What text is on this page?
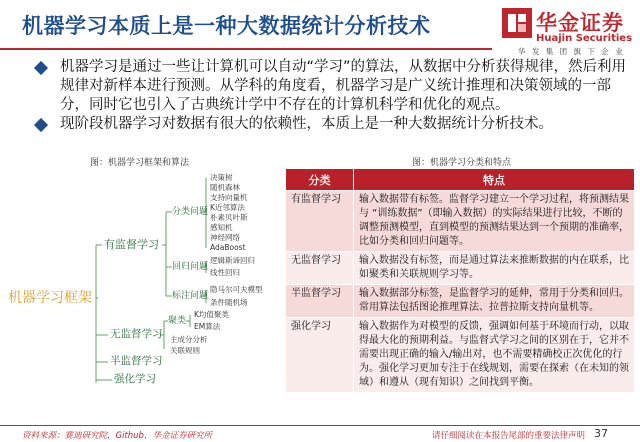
机器学习本质上是一种大数据统计分析技术	华金证券
Huajin Securities
华 发 集 团 旗 下 企 业
机器学习是通过一些让计算机可以自动“学习”的算法，从数据中分析获得规律，然后利用规律对新样本进行预测。从学科的角度看，机器学习是广义统计推理和决策领域的一部分，同时它也引入了古典统计学中不存在的计算机科学和优化的观点。
现阶段机器学习对数据有很大的依赖性，本质上是一种大数据统计分析技术。
图：机器学习框架和算法	图：机器学习分类和特点
机器学习框架
有监督学习
无监督学习
半监督学习
强化学习
分类问题
回归问题
标注问题
聚类
决策树
随机森林
支持向量机
K近邻算法
朴素贝叶斯
感知机
神经网络
AdaBoost
逻辑斯谛回归
线性回归
隐马尔可夫模型
条件随机场
K均值聚类
EM算法
主成分分析
关联规则
分类	特点
有监督学习	输入数据带有标签。监督学习建立一个学习过程，将预测结果与 “训练数据”（即输入数据）的实际结果进行比较，不断的调整预测模型，直到模型的预测结果达到一个预期的准确率，比如分类和回归问题等。
无监督学习	输入数据没有标签，而是通过算法来推断数据的内在联系，比如聚类和关联规则学习等。
半监督学习	输入数据部分标签，是监督学习的延伸，常用于分类和回归。常用算法包括图论推理算法、拉普拉斯支持向量机等。
强化学习	输入数据作为对模型的反馈，强调如何基于环境而行动，以取得最大化的预期利益。与监督式学习之间的区别在于，它并不需要出现正确的输入/输出对，也不需要精确校正次优化的行为。强化学习更加专注于在线规划，需要在探索（在未知的领域）和遵从（现有知识）之间找到平衡。
资料来源：赛迪研究院，Github，华金证券研究所	请仔细阅读在本报告尾部的重要法律声明 37
